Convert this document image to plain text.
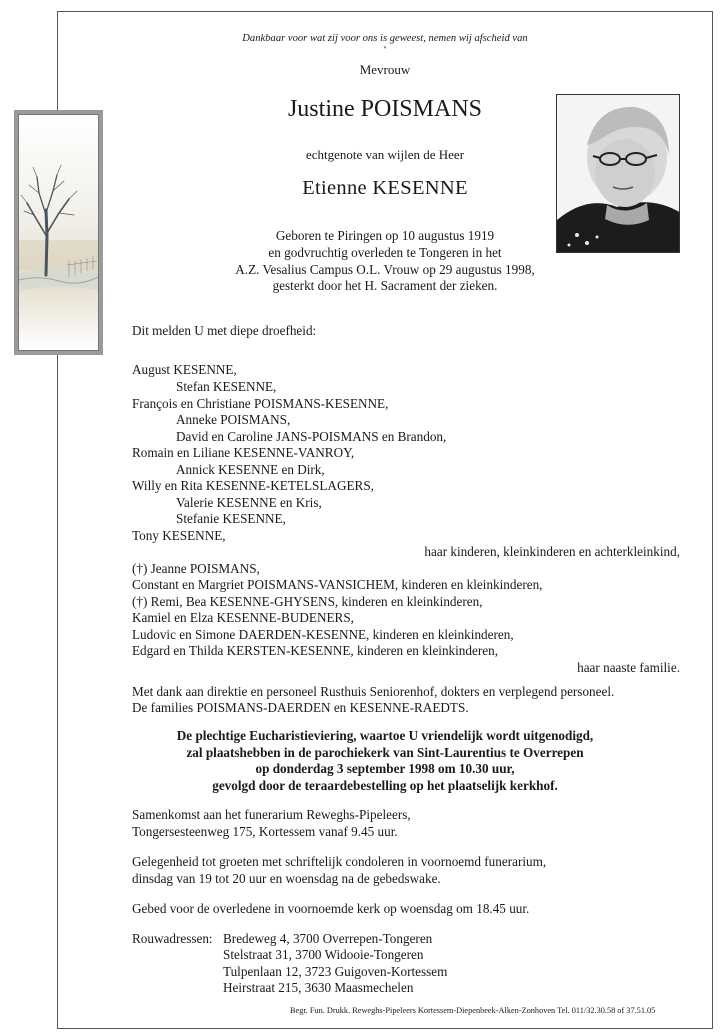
Dankbaar voor wat zij voor ons is geweest, nemen wij afscheid van
"
Mevrouw
Justine POISMANS
echtgenote van wijlen de Heer
Etienne KESENNE
Geboren te Piringen op 10 augustus 1919
en godvruchtig overleden te Tongeren in het
A.Z. Vesalius Campus O.L. Vrouw op 29 augustus 1998,
gesterkt door het H. Sacrament der zieken.
Dit melden U met diepe droefheid:
August KESENNE,
Stefan KESENNE,
François en Christiane POISMANS-KESENNE,
Anneke POISMANS,
David en Caroline JANS-POISMANS en Brandon,
Romain en Liliane KESENNE-VANROY,
Annick KESENNE en Dirk,
Willy en Rita KESENNE-KETELSLAGERS,
Valerie KESENNE en Kris,
Stefanie KESENNE,
Tony KESENNE,
haar kinderen, kleinkinderen en achterkleinkind,
(†) Jeanne POISMANS,
Constant en Margriet POISMANS-VANSICHEM, kinderen en kleinkinderen,
(†) Remi, Bea KESENNE-GHYSENS, kinderen en kleinkinderen,
Kamiel en Elza KESENNE-BUDENERS,
Ludovic en Simone DAERDEN-KESENNE, kinderen en kleinkinderen,
Edgard en Thilda KERSTEN-KESENNE, kinderen en kleinkinderen,
haar naaste familie.
Met dank aan direktie en personeel Rusthuis Seniorenhof, dokters en verplegend personeel.
De families POISMANS-DAERDEN en KESENNE-RAEDTS.
De plechtige Eucharistieviering, waartoe U vriendelijk wordt uitgenodigd,
zal plaatshebben in de parochiekerk van Sint-Laurentius te Overrepen
op donderdag 3 september 1998 om 10.30 uur,
gevolgd door de teraardebestelling op het plaatselijk kerkhof.
Samenkomst aan het funerarium Reweghs-Pipeleers,
Tongersesteenweg 175, Kortessem vanaf 9.45 uur.
Gelegenheid tot groeten met schriftelijk condoleren in voornoemd funerarium,
dinsdag van 19 tot 20 uur en woensdag na de gebedswake.
Gebed voor de overledene in voornoemde kerk op woensdag om 18.45 uur.
Rouwadressen: Bredeweg 4, 3700 Overrepen-Tongeren
Stelstraat 31, 3700 Widooie-Tongeren
Tulpenlaan 12, 3723 Guigoven-Kortessem
Heirstraat 215, 3630 Maasmechelen
Begr. Fun. Drukk. Reweghs-Pipeleers Kortessem-Diepenbeek-Alken-Zonhoven Tel. 011/32.30.58 of 37.51.05
